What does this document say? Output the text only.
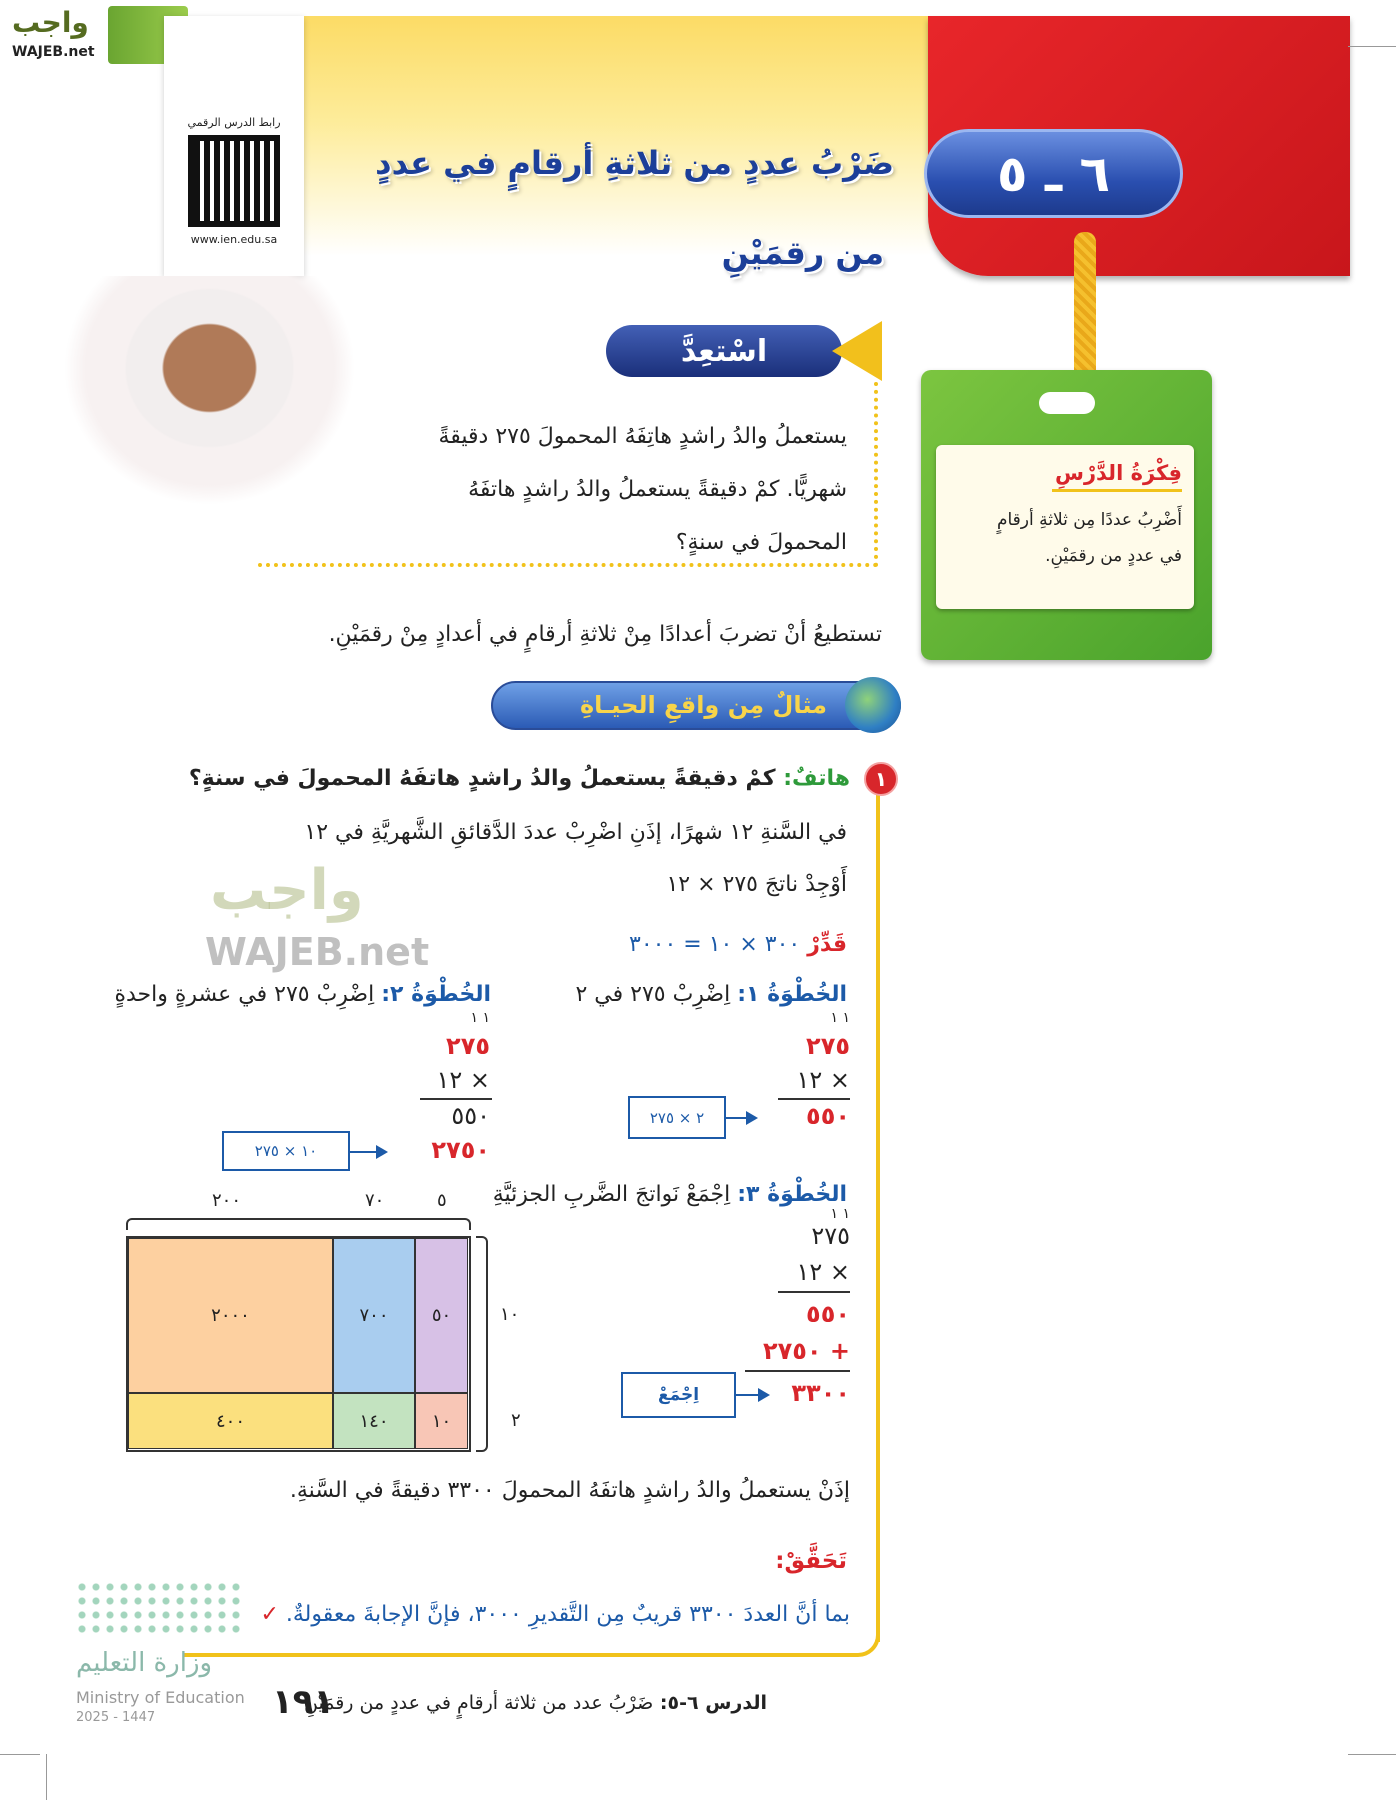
٦ ـ ٥
واجب
WAJEB.net
رابط الدرس الرقمي
www.ien.edu.sa
ضَرْبُ عددٍ من ثلاثةِ أرقامٍ في عددٍ
من رقمَيْنِ
اسْتعِدَّ
يستعملُ والدُ راشدٍ هاتِفَهُ المحمولَ ٢٧٥ دقيقةً
شهريًّا. كمْ دقيقةً يستعملُ والدُ راشدٍ هاتفَهُ
المحمولَ في سنةٍ؟
فِكْرَةُ الدَّرْسِ
أَضْرِبُ عددًا مِن ثلاثةِ أرقامٍ
في عددٍ من رقمَيْنِ.
تستطيعُ أنْ تضربَ أعدادًا مِنْ ثلاثةِ أرقامٍ في أعدادٍ مِنْ رقمَيْنِ.
مثالٌ مِن واقعِ الحيـاةِ
واجب
WAJEB.net
١
هاتفٌ: كمْ دقيقةً يستعملُ والدُ راشدٍ هاتفَهُ المحمولَ في سنةٍ؟
في السَّنةِ ١٢ شهرًا، إذَنِ اضْرِبْ عددَ الدَّقائقِ الشَّهريَّةِ في ١٢
أَوْجِدْ ناتجَ ٢٧٥ × ١٢
قَدِّرْ ٣٠٠ × ١٠ = ٣٠٠٠
الخُطْوَةُ ١: اِضْرِبْ ٢٧٥ في ٢
١ ١
٢٧٥
× ١٢
٥٥٠
٢ × ٢٧٥
الخُطْوَةُ ٢: اِضْرِبْ ٢٧٥ في عشرةٍ واحدةٍ
١ ١
٢٧٥
× ١٢
٥٥٠
٢٧٥٠
١٠ × ٢٧٥
الخُطْوَةُ ٣: اِجْمَعْ نَواتجَ الضَّربِ الجزئيَّةِ
١ ١
٢٧٥
× ١٢
٥٥٠
+ ٢٧٥٠
٣٣٠٠
اِجْمَعْ
٢٠٠٠	٧٠٠	٥٠
٤٠٠	١٤٠	١٠
٢٠٠	٧٠	٥
١٠
٢
إذَنْ يستعملُ والدُ راشدٍ هاتفَهُ المحمولَ ٣٣٠٠ دقيقةً في السَّنةِ.
تَحَقَّقْ:
بما أنَّ العددَ ٣٣٠٠ قريبٌ مِن التَّقديرِ ٣٠٠٠، فإنَّ الإجابةَ معقولةٌ. ✓
وزارة التعليم
Ministry of Education
2025 - 1447	١٩١	الدرس ٦-٥: ضَرْبُ عدد من ثلاثة أرقامٍ في عددٍ من رقمَيْنِ
